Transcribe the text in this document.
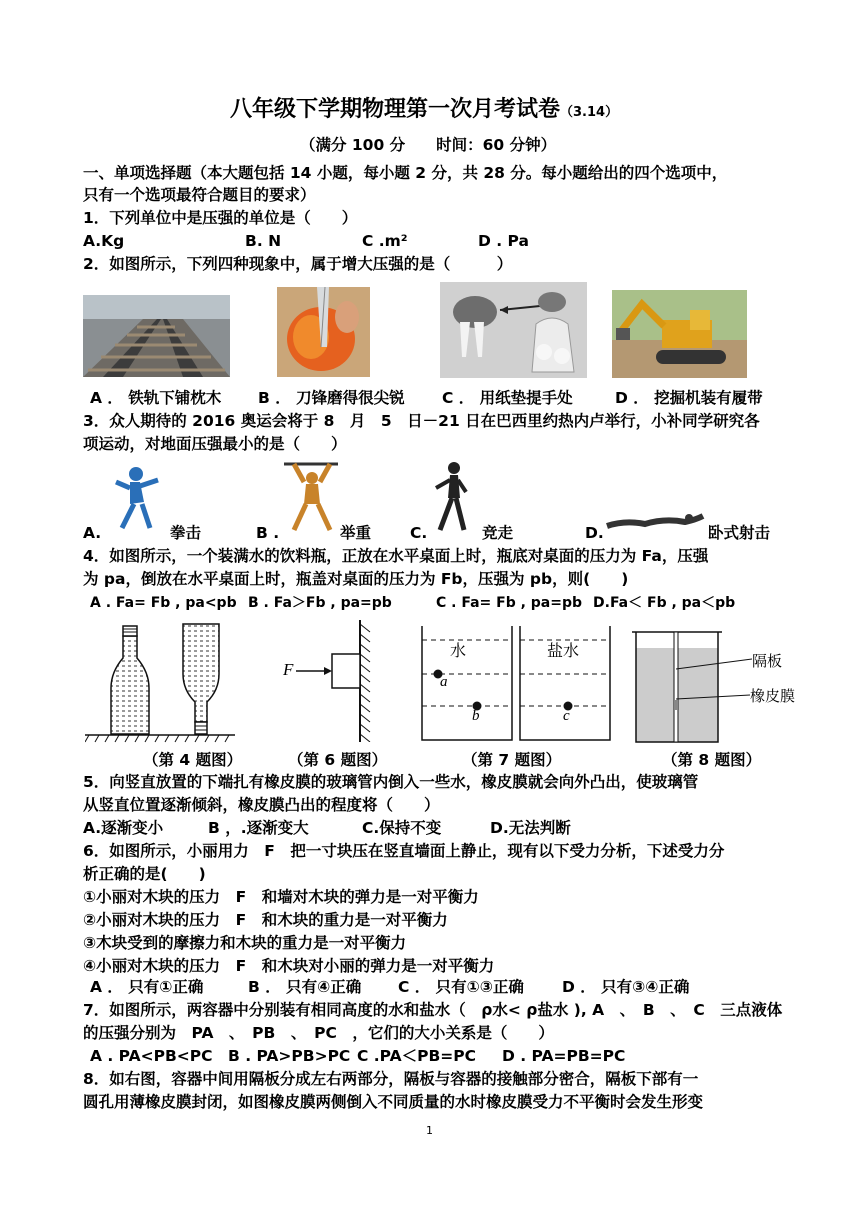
八年级下学期物理第一次月考试卷（3.14）
（满分 100 分　　时间：60 分钟）
一、单项选择题（本大题包括 14 小题，每小题 2 分，共 28 分。每小题给出的四个选项中，
只有一个选项最符合题目的要求）
1．下列单位中是压强的单位是（　　）
A.Kg	B. N	C .m²	D . Pa
2．如图所示，下列四种现象中，属于增大压强的是（　　　）
A ． 铁轨下铺枕木 B ． 刀锋磨得很尖锐 C ． 用纸垫提手处	D ． 挖掘机装有履带
3．众人期待的 2016 奥运会将于 8　月　5　日－21 日在巴西里约热内卢举行，小补同学研究各
项运动，对地面压强最小的是（　　）
A.	拳击	B .	举重	C.	竞走	D.	卧式射击
4．如图所示，一个装满水的饮料瓶，正放在水平桌面上时，瓶底对桌面的压力为 Fa，压强
为 pa，倒放在水平桌面上时，瓶盖对桌面的压力为 Fb，压强为 pb，则(　　)
A . Fa= Fb , pa<pb B . Fa＞Fb , pa=pb	C . Fa= Fb , pa=pb D.Fa＜ Fb , pa＜pb
F
水	盐水
a
b	c
隔板
橡皮膜
（第 4 题图）	（第 6 题图）	（第 7 题图）	（第 8 题图）
5．向竖直放置的下端扎有橡皮膜的玻璃管内倒入一些水，橡皮膜就会向外凸出，使玻璃管
从竖直位置逐渐倾斜，橡皮膜凸出的程度将（　　）
A.逐渐变小	B ，.逐渐变大	C.保持不变	D.无法判断
6．如图所示，小丽用力　F　把一寸块压在竖直墙面上静止，现有以下受力分析，下述受力分
析正确的是(　　)
①小丽对木块的压力　F　和墙对木块的弹力是一对平衡力
②小丽对木块的压力　F　和木块的重力是一对平衡力
③木块受到的摩擦力和木块的重力是一对平衡力
④小丽对木块的压力　F　和木块对小丽的弹力是一对平衡力
A ． 只有①正确	B ． 只有④正确 C ． 只有①③正确 D ． 只有③④正确
7．如图所示，两容器中分别装有相同高度的水和盐水（　ρ水< ρ盐水 ), A　、　B　、　C　三点液体
的压强分别为　PA　、　PB　、　PC　，它们的大小关系是（　　）
A . PA<PB<PC B . PA>PB>PC C .PA＜PB=PC D . PA=PB=PC
8．如右图，容器中间用隔板分成左右两部分，隔板与容器的接触部分密合，隔板下部有一
圆孔用薄橡皮膜封闭，如图橡皮膜两侧倒入不同质量的水时橡皮膜受力不平衡时会发生形变
1
